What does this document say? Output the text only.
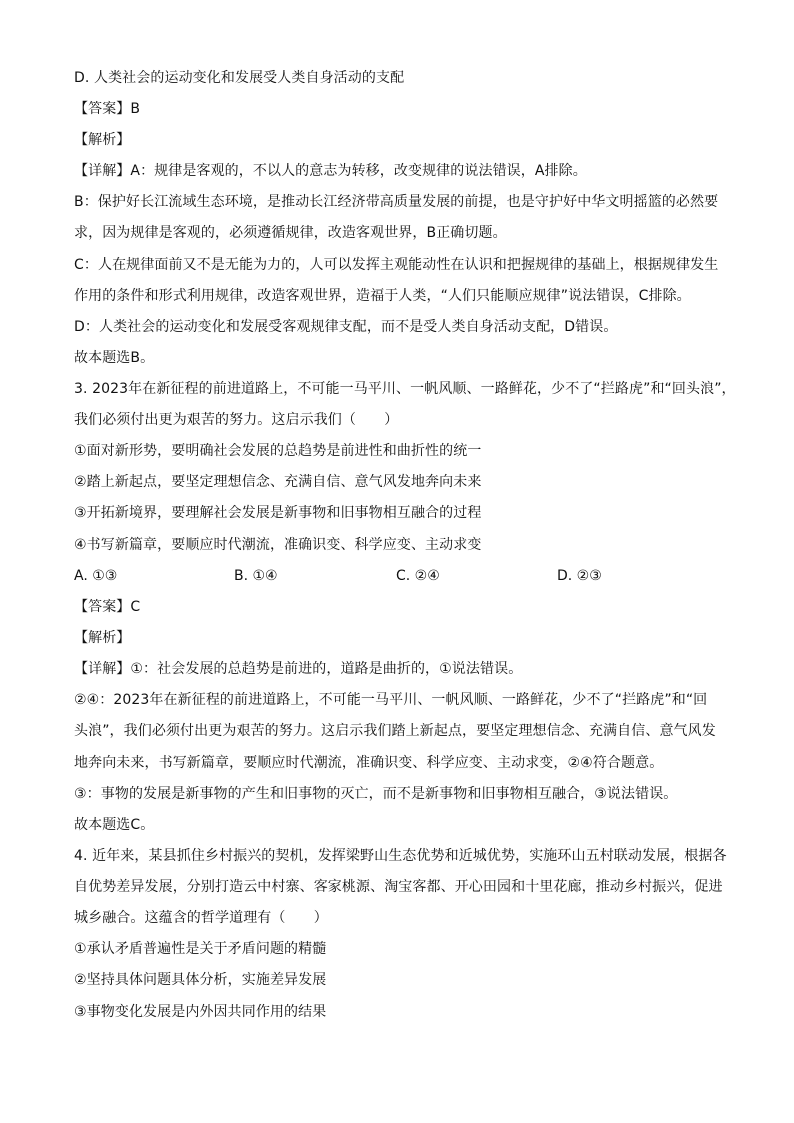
D. 人类社会的运动变化和发展受人类自身活动的支配
【答案】B
【解析】
【详解】A：规律是客观的，不以人的意志为转移，改变规律的说法错误，A排除。
B：保护好长江流域生态环境，是推动长江经济带高质量发展的前提，也是守护好中华文明摇篮的必然要
求，因为规律是客观的，必须遵循规律，改造客观世界，B正确切题。
C：人在规律面前又不是无能为力的，人可以发挥主观能动性在认识和把握规律的基础上，根据规律发生
作用的条件和形式利用规律，改造客观世界，造福于人类，“人们只能顺应规律”说法错误，C排除。
D：人类社会的运动变化和发展受客观规律支配，而不是受人类自身活动支配，D错误。
故本题选B。
3. 2023年在新征程的前进道路上，不可能一马平川、一帆风顺、一路鲜花，少不了“拦路虎”和“回头浪”，
我们必须付出更为艰苦的努力。这启示我们（　　）
①面对新形势，要明确社会发展的总趋势是前进性和曲折性的统一
②踏上新起点，要坚定理想信念、充满自信、意气风发地奔向未来
③开拓新境界，要理解社会发展是新事物和旧事物相互融合的过程
④书写新篇章，要顺应时代潮流，准确识变、科学应变、主动求变
A. ①③	B. ①④	C. ②④	D. ②③
【答案】C
【解析】
【详解】①：社会发展的总趋势是前进的，道路是曲折的，①说法错误。
②④：2023年在新征程的前进道路上，不可能一马平川、一帆风顺、一路鲜花，少不了“拦路虎”和“回
头浪”，我们必须付出更为艰苦的努力。这启示我们踏上新起点，要坚定理想信念、充满自信、意气风发
地奔向未来，书写新篇章，要顺应时代潮流，准确识变、科学应变、主动求变，②④符合题意。
③：事物的发展是新事物的产生和旧事物的灭亡，而不是新事物和旧事物相互融合，③说法错误。
故本题选C。
4. 近年来，某县抓住乡村振兴的契机，发挥梁野山生态优势和近城优势，实施环山五村联动发展，根据各
自优势差异发展，分别打造云中村寨、客家桃源、淘宝客都、开心田园和十里花廊，推动乡村振兴，促进
城乡融合。这蕴含的哲学道理有（　　）
①承认矛盾普遍性是关于矛盾问题的精髓
②坚持具体问题具体分析，实施差异发展
③事物变化发展是内外因共同作用的结果
